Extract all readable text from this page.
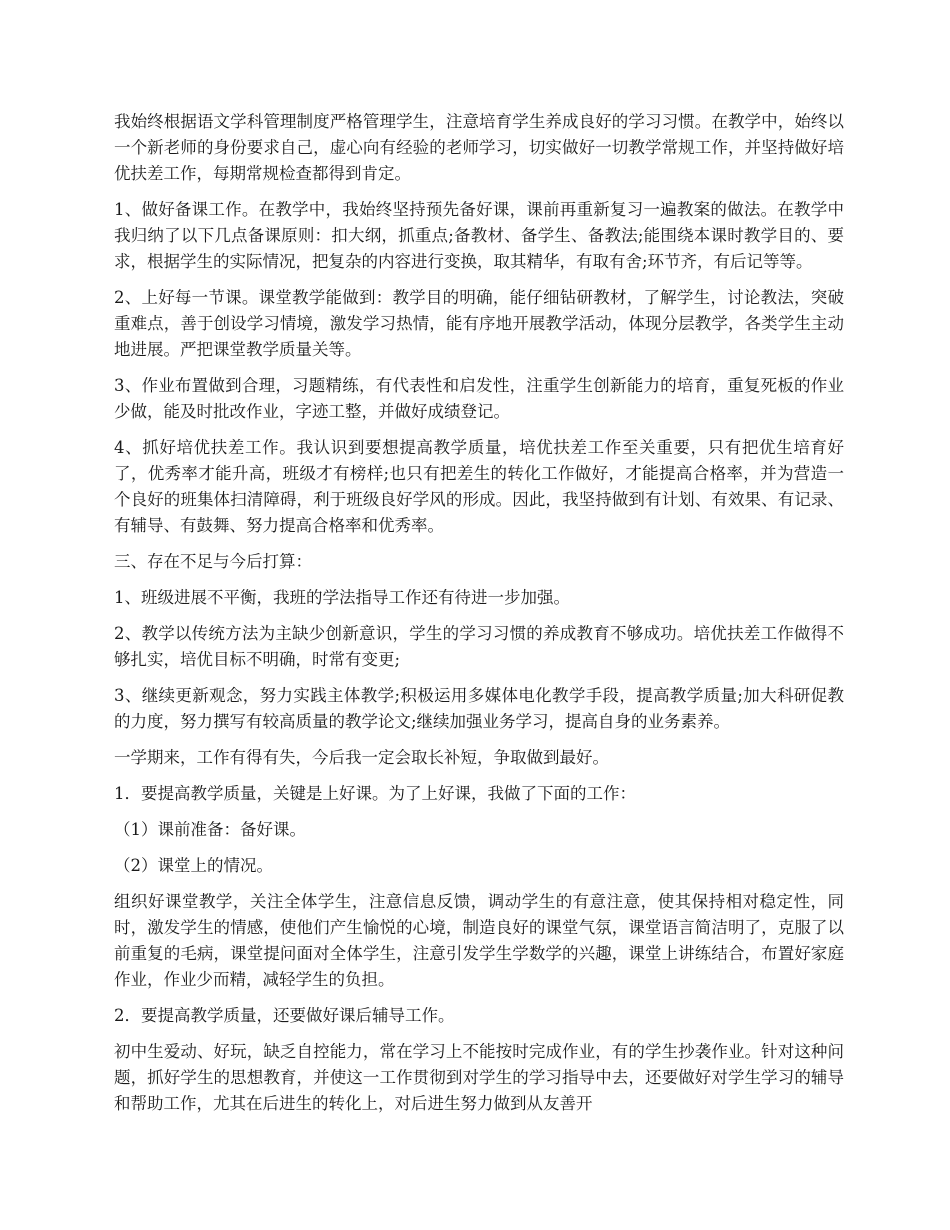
我始终根据语文学科管理制度严格管理学生，注意培育学生养成良好的学习习惯。在教学中，始终以一个新老师的身份要求自己，虚心向有经验的老师学习，切实做好一切教学常规工作，并坚持做好培优扶差工作，每期常规检查都得到肯定。

1、做好备课工作。在教学中，我始终坚持预先备好课，课前再重新复习一遍教案的做法。在教学中我归纳了以下几点备课原则：扣大纲，抓重点;备教材、备学生、备教法;能围绕本课时教学目的、要求，根据学生的实际情况，把复杂的内容进行变换，取其精华，有取有舍;环节齐，有后记等等。

2、上好每一节课。课堂教学能做到：教学目的明确，能仔细钻研教材，了解学生，讨论教法，突破重难点，善于创设学习情境，激发学习热情，能有序地开展教学活动，体现分层教学，各类学生主动地进展。严把课堂教学质量关等。

3、作业布置做到合理，习题精练，有代表性和启发性，注重学生创新能力的培育，重复死板的作业少做，能及时批改作业，字迹工整，并做好成绩登记。

4、抓好培优扶差工作。我认识到要想提高教学质量，培优扶差工作至关重要，只有把优生培育好了，优秀率才能升高，班级才有榜样;也只有把差生的转化工作做好，才能提高合格率，并为营造一个良好的班集体扫清障碍，利于班级良好学风的形成。因此，我坚持做到有计划、有效果、有记录、有辅导、有鼓舞、努力提高合格率和优秀率。

三、存在不足与今后打算：

1、班级进展不平衡，我班的学法指导工作还有待进一步加强。

2、教学以传统方法为主缺少创新意识，学生的学习习惯的养成教育不够成功。培优扶差工作做得不够扎实，培优目标不明确，时常有变更;

3、继续更新观念，努力实践主体教学;积极运用多媒体电化教学手段，提高教学质量;加大科研促教的力度，努力撰写有较高质量的教学论文;继续加强业务学习，提高自身的业务素养。

一学期来，工作有得有失，今后我一定会取长补短，争取做到最好。

1．要提高教学质量，关键是上好课。为了上好课，我做了下面的工作：

（1）课前准备：备好课。

（2）课堂上的情况。

组织好课堂教学，关注全体学生，注意信息反馈，调动学生的有意注意，使其保持相对稳定性，同时，激发学生的情感，使他们产生愉悦的心境，制造良好的课堂气氛，课堂语言简洁明了，克服了以前重复的毛病，课堂提问面对全体学生，注意引发学生学数学的兴趣，课堂上讲练结合，布置好家庭作业，作业少而精，减轻学生的负担。

2．要提高教学质量，还要做好课后辅导工作。

初中生爱动、好玩，缺乏自控能力，常在学习上不能按时完成作业，有的学生抄袭作业。针对这种问题，抓好学生的思想教育，并使这一工作贯彻到对学生的学习指导中去，还要做好对学生学习的辅导和帮助工作，尤其在后进生的转化上，对后进生努力做到从友善开
